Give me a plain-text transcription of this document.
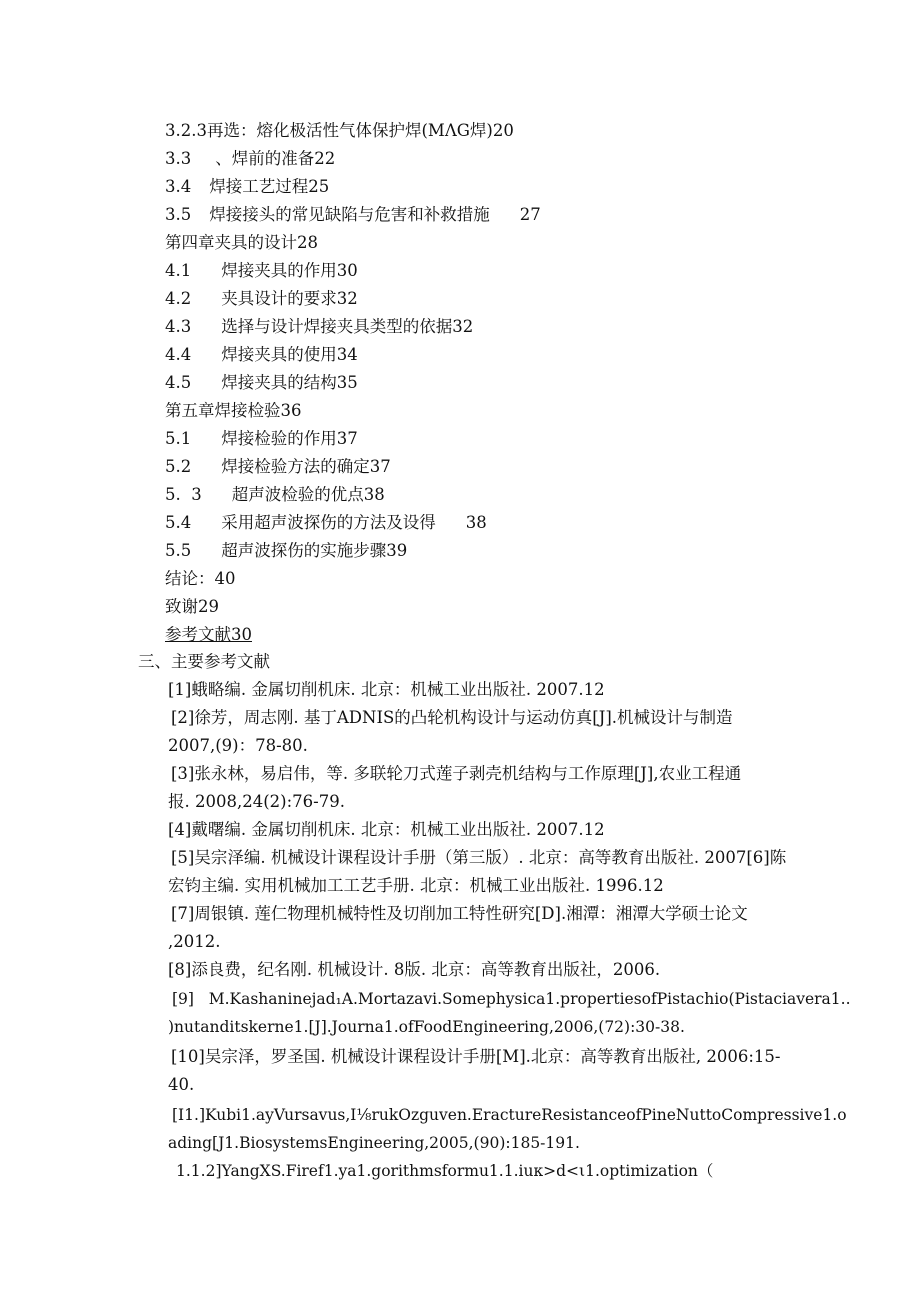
3.2.3再选：熔化极活性气体保护焊(MΛG焊)20
3.3 、焊前的准备22
3.4 焊接工艺过程25
3.5 焊接接头的常见缺陷与危害和补救措施 27
第四章夹具的设计28
4.1 焊接夹具的作用30
4.2 夹具设计的要求32
4.3 选择与设计焊接夹具类型的依据32
4.4 焊接夹具的使用34
4.5 焊接夹具的结构35
第五章焊接检验36
5.1 焊接检验的作用37
5.2 焊接检验方法的确定37
5.  3 超声波检验的优点38
5.4 采用超声波探伤的方法及设得 38
5.5 超声波探伤的实施步骤39
结论：40
致谢29
参考文献30
三、主要参考文献
[1]蛾略编. 金属切削机床. 北京：机械工业出版社. 2007.12
[2]徐芳，周志刚. 基丁ADNIS的凸轮机构设计与运动仿真[J].机械设计与制造
2007,(9)：78-80.
[3]张永林，易启伟，等. 多联轮刀式莲子剥壳机结构与工作原理[J],农业工程通
报. 2008,24(2):76-79.
[4]戴曙编. 金属切削机床. 北京：机械工业出版社. 2007.12
[5]吴宗泽编. 机械设计课程设计手册（第三版）. 北京：高等教育出版社. 2007[6]陈
宏钧主编. 实用机械加工工艺手册. 北京：机械工业出版社. 1996.12
[7]周银镇. 莲仁物理机械特性及切削加工特性研究[D].湘潭：湘潭大学硕士论文
,2012.
[8]添良费，纪名刚. 机械设计. 8版. 北京：高等教育出版社，2006.
[9]   M.Kashaninejad₁A.Mortazavi.Somephysica1.propertiesofPistachio(Pistaciavera1..
)nutanditskerne1.[J].Journa1.ofFoodEngineering,2006,(72):30-38.
[10]吴宗泽，罗圣国. 机械设计课程设计手册[M].北京：高等教育出版社, 2006:15-
40.
[I1.]Kubi1.ayVursavus,I⅛rukOzguven.EractureResistanceofPineNuttoCompressive1.o
ading[J1.BiosystemsEngineering,2005,(90):185-191.
1.1.2]YangXS.Firef1.ya1.gorithmsformu1.1.iuκ>d<ι1.optimization（
